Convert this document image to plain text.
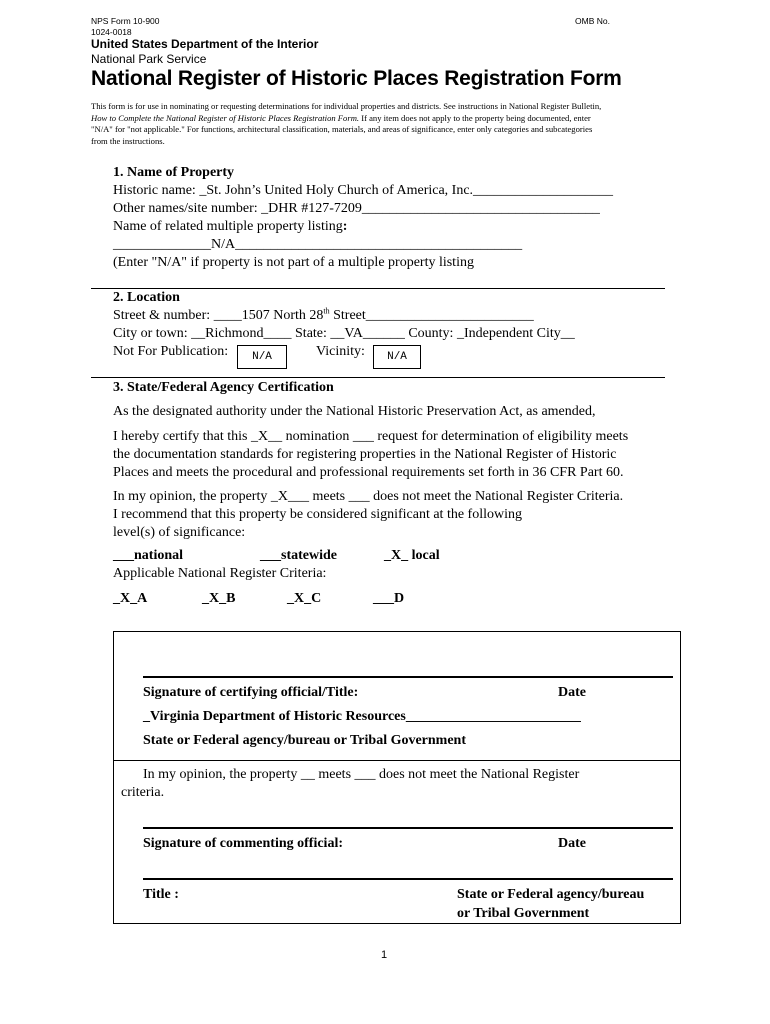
NPS Form 10-900	OMB No.
1024-0018
United States Department of the Interior
National Park Service
National Register of Historic Places Registration Form
This form is for use in nominating or requesting determinations for individual properties and districts. See instructions in National Register Bulletin,
How to Complete the National Register of Historic Places Registration Form. If any item does not apply to the property being documented, enter
"N/A" for "not applicable." For functions, architectural classification, materials, and areas of significance, enter only categories and subcategories
from the instructions.
1. Name of Property
Historic name: _St. John’s United Holy Church of America, Inc.____________________
Other names/site number: _DHR #127-7209__________________________________
Name of related multiple property listing:
______________N/A_________________________________________
(Enter "N/A" if property is not part of a multiple property listing
2. Location
Street & number: ____1507 North 28th Street________________________
City or town: __Richmond____ State: __VA______ County: _Independent City__
Not For Publication:	N/A	Vicinity:	N/A
3. State/Federal Agency Certification
As the designated authority under the National Historic Preservation Act, as amended,
I hereby certify that this _X__ nomination ___ request for determination of eligibility meets
the documentation standards for registering properties in the National Register of Historic
Places and meets the procedural and professional requirements set forth in 36 CFR Part 60.
In my opinion, the property _X___ meets ___ does not meet the National Register Criteria.
I recommend that this property be considered significant at the following
level(s) of significance:
___national	___statewide	_X_ local
Applicable National Register Criteria:
_X_A	_X_B	_X_C	___D
Signature of certifying official/Title:	Date
_Virginia Department of Historic Resources_________________________
State or Federal agency/bureau or Tribal Government
In my opinion, the property __ meets ___ does not meet the National Register
criteria.
Signature of commenting official:	Date
Title :	State or Federal agency/bureau
or Tribal Government
1
